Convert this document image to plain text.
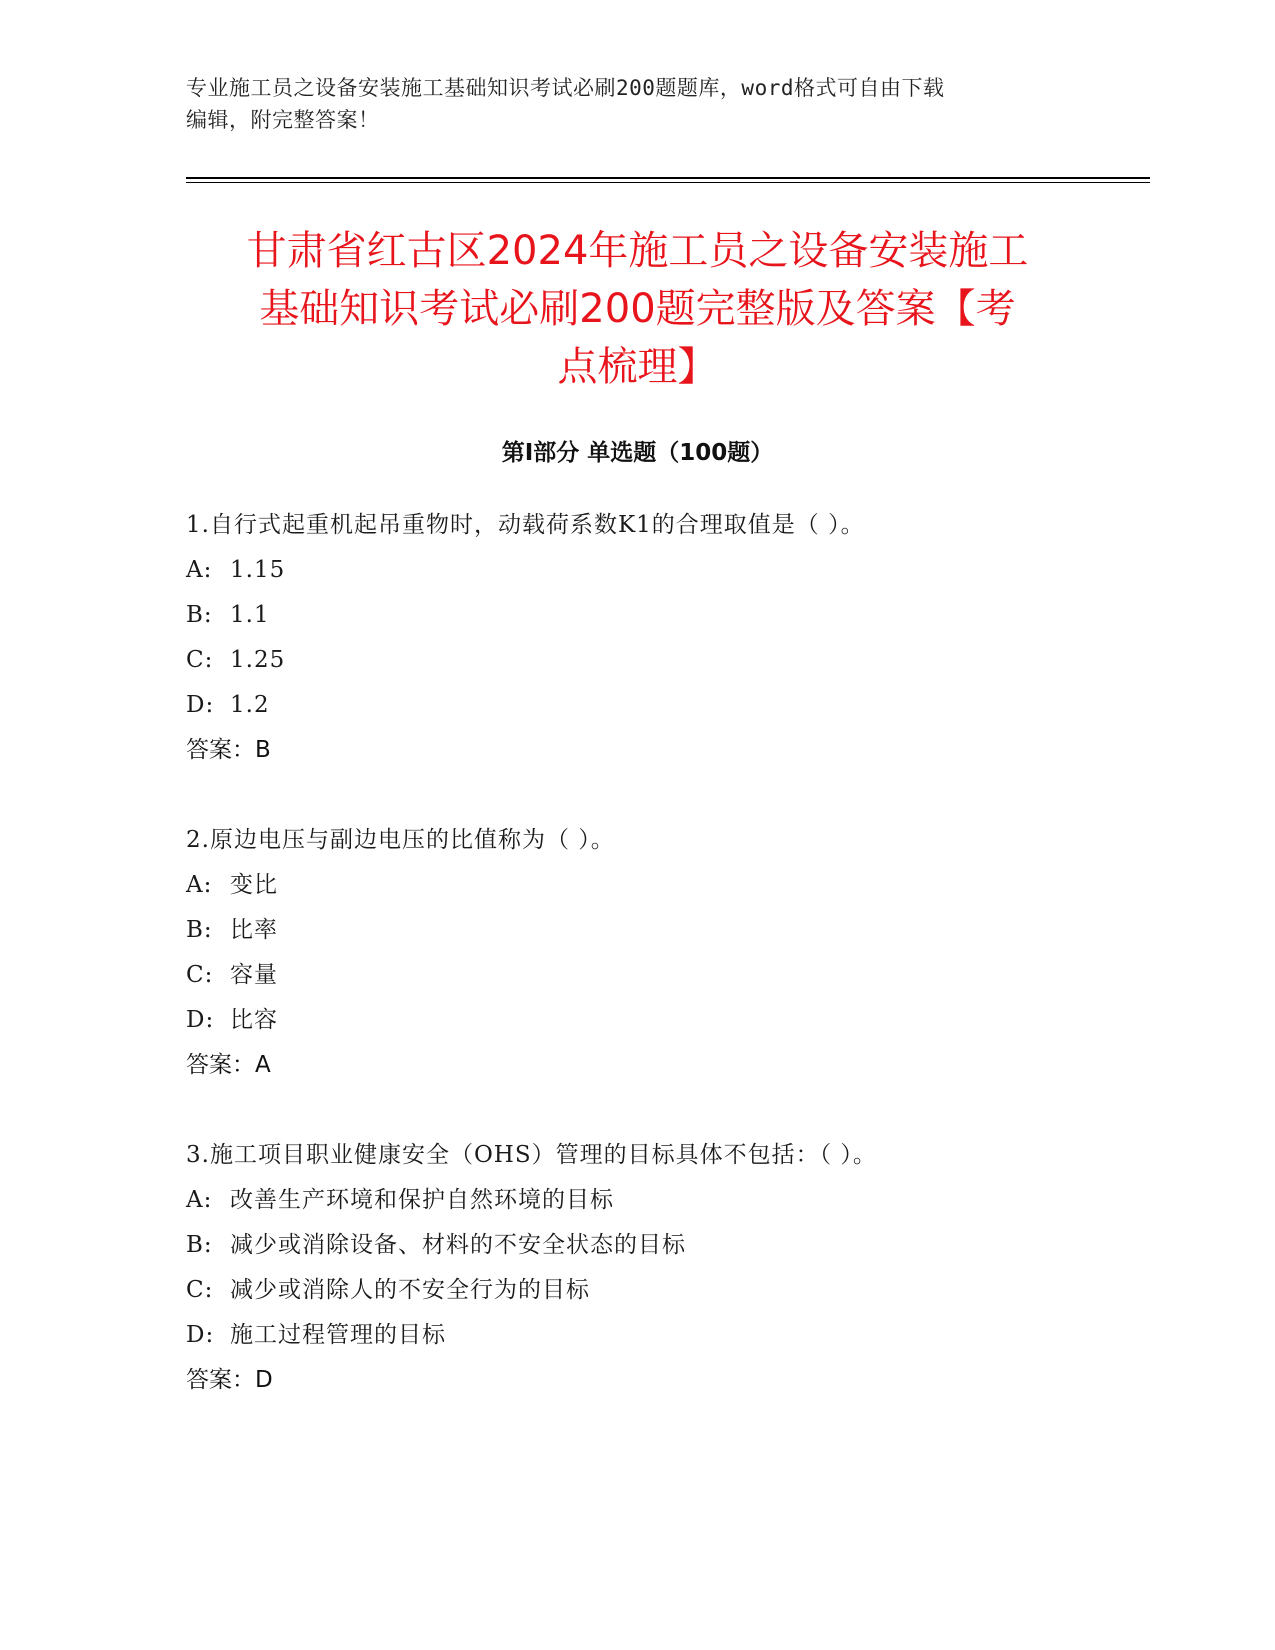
专业施工员之设备安装施工基础知识考试必刷200题题库，word格式可自由下载
编辑，附完整答案！
甘肃省红古区2024年施工员之设备安装施工
基础知识考试必刷200题完整版及答案【考
点梳理】
第Ⅰ部分 单选题（100题）
1.自行式起重机起吊重物时，动载荷系数K1的合理取值是（ ）。
A: 1.15
B: 1.1
C: 1.25
D: 1.2
答案：B
2.原边电压与副边电压的比值称为（ ）。
A: 变比
B: 比率
C: 容量
D: 比容
答案：A
3.施工项目职业健康安全（OHS）管理的目标具体不包括：（ ）。
A: 改善生产环境和保护自然环境的目标
B: 减少或消除设备、材料的不安全状态的目标
C: 减少或消除人的不安全行为的目标
D: 施工过程管理的目标
答案：D
